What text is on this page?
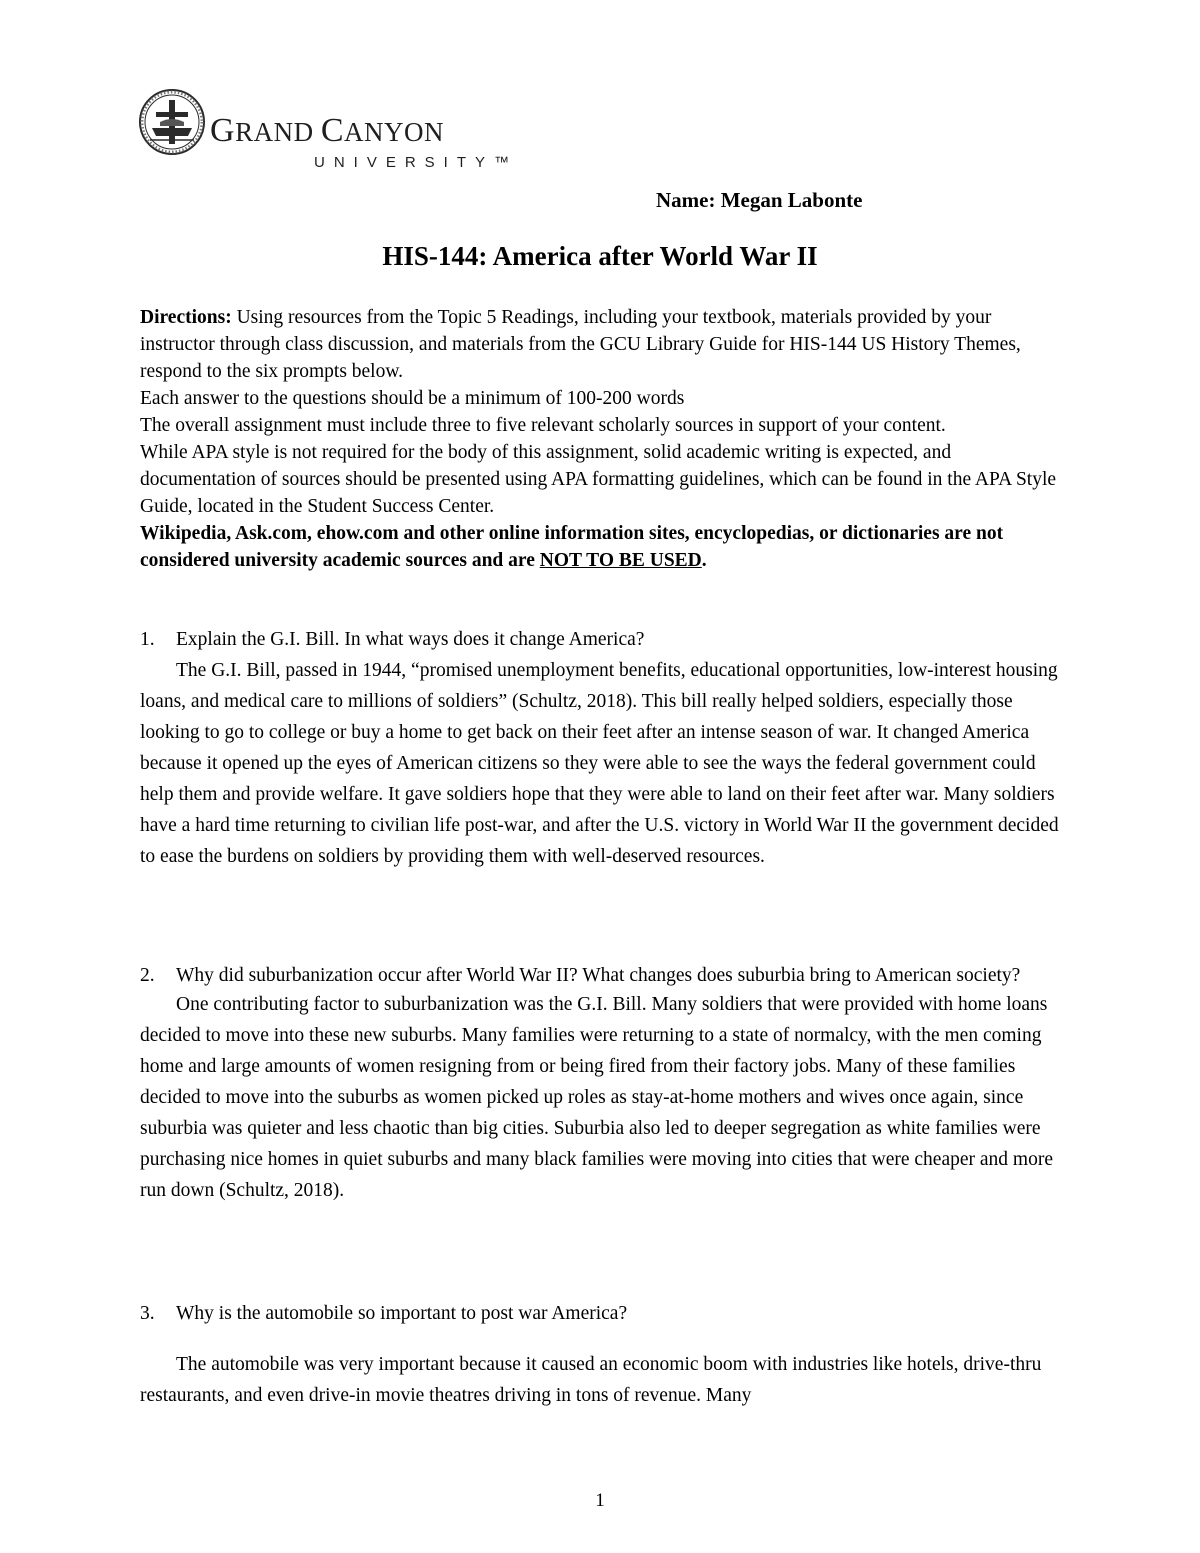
GRAND CANYON
UNIVERSITY™
Name: Megan Labonte
HIS-144: America after World War II

Directions: Using resources from the Topic 5 Readings, including your textbook, materials provided by your instructor through class discussion, and materials from the GCU Library Guide for HIS-144 US History Themes, respond to the six prompts below.

Each answer to the questions should be a minimum of 100-200 words

The overall assignment must include three to five relevant scholarly sources in support of your content.

While APA style is not required for the body of this assignment, solid academic writing is expected, and documentation of sources should be presented using APA formatting guidelines, which can be found in the APA Style Guide, located in the Student Success Center.

Wikipedia, Ask.com, ehow.com and other online information sites, encyclopedias, or dictionaries are not considered university academic sources and are NOT TO BE USED.

1. Explain the G.I. Bill. In what ways does it change America?

The G.I. Bill, passed in 1944, “promised unemployment benefits, educational opportunities, low-interest housing loans, and medical care to millions of soldiers” (Schultz, 2018). This bill really helped soldiers, especially those looking to go to college or buy a home to get back on their feet after an intense season of war. It changed America because it opened up the eyes of American citizens so they were able to see the ways the federal government could help them and provide welfare. It gave soldiers hope that they were able to land on their feet after war. Many soldiers have a hard time returning to civilian life post-war, and after the U.S. victory in World War II the government decided to ease the burdens on soldiers by providing them with well-deserved resources.

2. Why did suburbanization occur after World War II? What changes does suburbia bring to American society?

One contributing factor to suburbanization was the G.I. Bill. Many soldiers that were provided with home loans decided to move into these new suburbs. Many families were returning to a state of normalcy, with the men coming home and large amounts of women resigning from or being fired from their factory jobs. Many of these families decided to move into the suburbs as women picked up roles as stay-at-home mothers and wives once again, since suburbia was quieter and less chaotic than big cities. Suburbia also led to deeper segregation as white families were purchasing nice homes in quiet suburbs and many black families were moving into cities that were cheaper and more run down (Schultz, 2018).

3. Why is the automobile so important to post war America?

The automobile was very important because it caused an economic boom with industries like hotels, drive-thru restaurants, and even drive-in movie theatres driving in tons of revenue. Many

1
